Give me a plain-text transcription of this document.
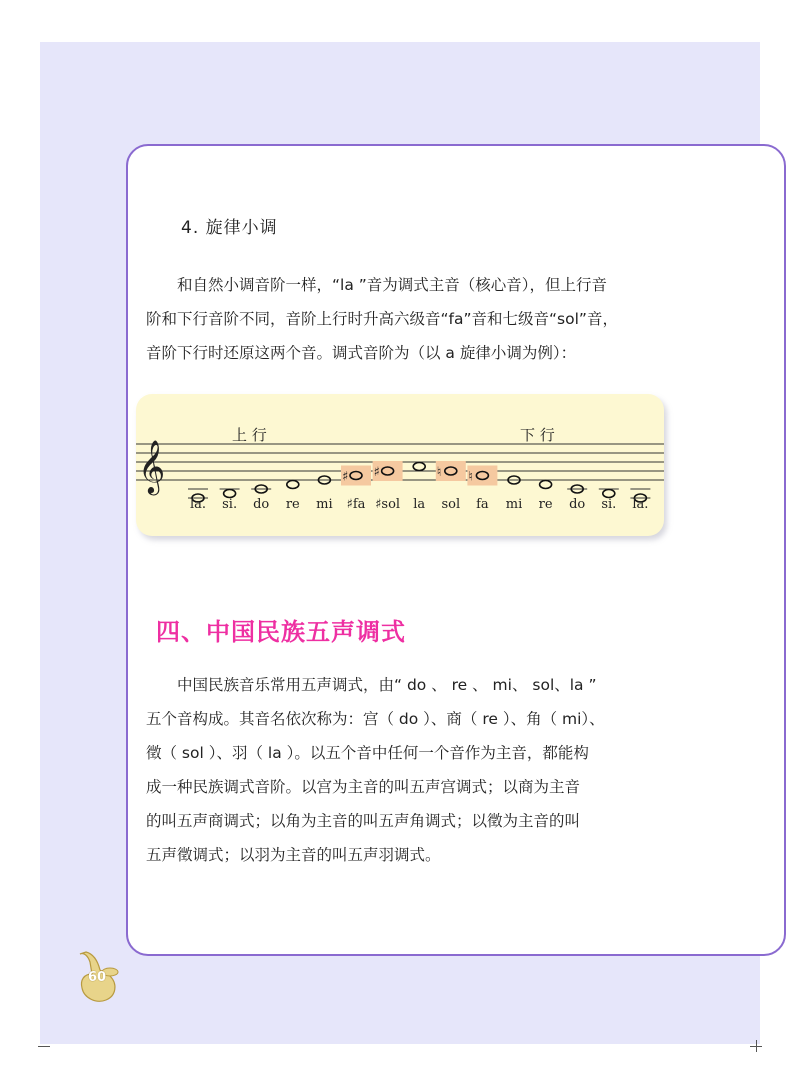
4. 旋律小调
和自然小调音阶一样，“la ”音为调式主音（核心音），但上行音
阶和下行音阶不同，音阶上行时升高六级音“fa”音和七级音“sol”音，
音阶下行时还原这两个音。调式音阶为（以 a 旋律小调为例）：
𝄞
上 行	下 行
la. si. do re mi
♯
♯fa
♯
♯sol la
♮
sol
♮
fa mi re do si. la.
四、中国民族五声调式
中国民族音乐常用五声调式，由“ do 、 re 、 mi、 sol、la ”
五个音构成。其音名依次称为：宫（ do ）、商（ re ）、角（ mi）、
徵（ sol ）、羽（ la ）。以五个音中任何一个音作为主音，都能构
成一种民族调式音阶。以宫为主音的叫五声宫调式；以商为主音
的叫五声商调式；以角为主音的叫五声角调式；以徵为主音的叫
五声徵调式；以羽为主音的叫五声羽调式。
60
